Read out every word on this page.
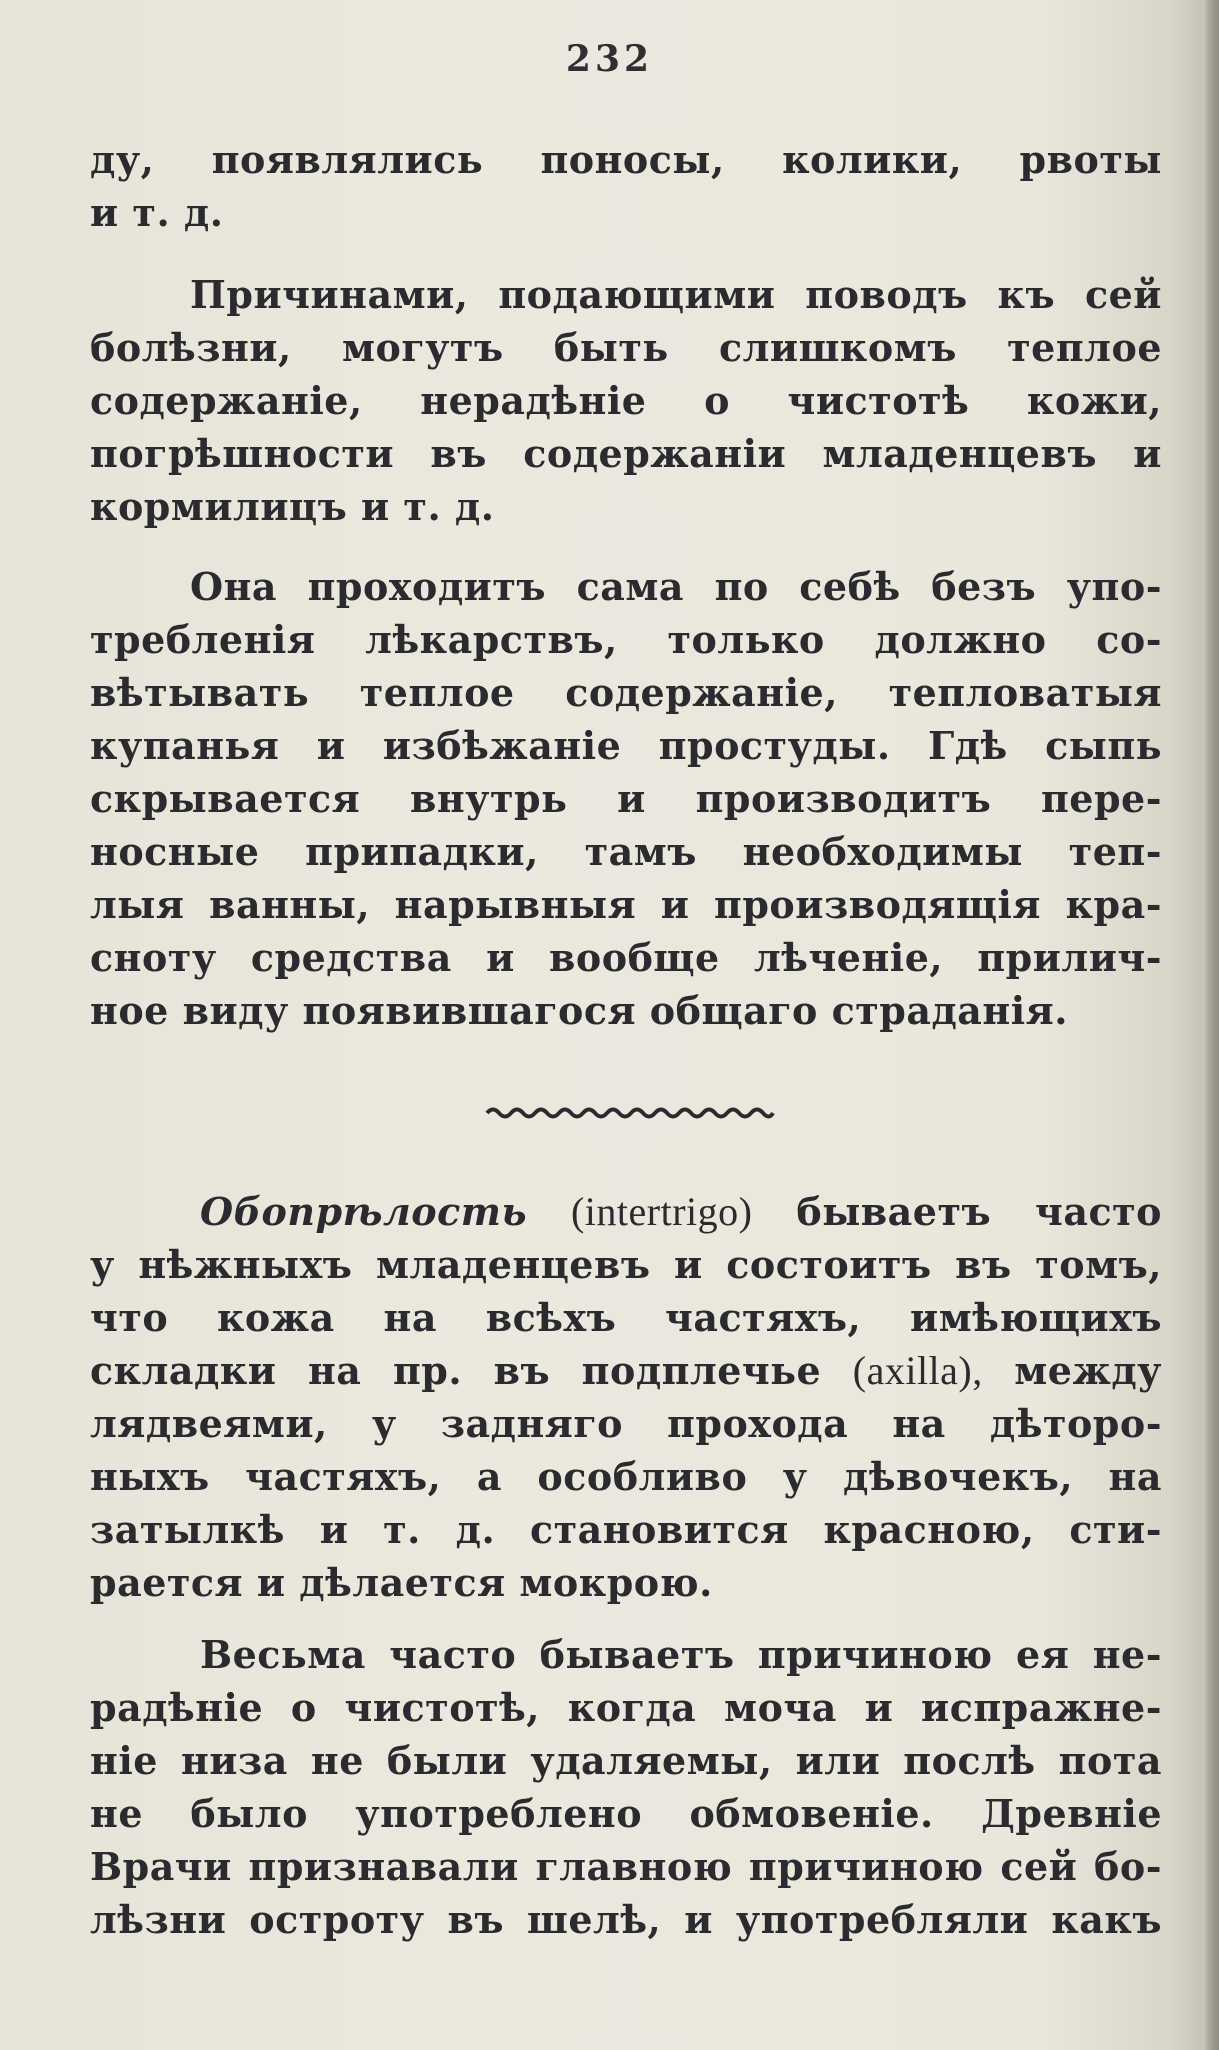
232
ду, появлялись поносы, колики, рвоты
и т. д.
Причинами, подающими поводъ къ сей
болѣзни, могутъ быть слишкомъ теплое
содержаніе, нерадѣніе о чистотѣ кожи,
погрѣшности въ содержаніи младенцевъ и
кормилицъ и т. д.
Она проходитъ сама по себѣ безъ упо-
требленія лѣкарствъ, только должно со-
вѣтывать теплое содержаніе, тепловатыя
купанья и избѣжаніе простуды. Гдѣ сыпь
скрывается внутрь и производитъ пере-
носные припадки, тамъ необходимы теп-
лыя ванны, нарывныя и производящія кра-
сноту средства и вообще лѣченіе, прилич-
ное виду появившагося общаго страданія.
Обопрѣлость (intertrigo) бываетъ часто
у нѣжныхъ младенцевъ и состоитъ въ томъ,
что кожа на всѣхъ частяхъ, имѣющихъ
складки на пр. въ подплечье (axilla), между
лядвеями, у задняго прохода на дѣторо-
ныхъ частяхъ, а особливо у дѣвочекъ, на
затылкѣ и т. д. становится красною, сти-
рается и дѣлается мокрою.
Весьма часто бываетъ причиною ея не-
радѣніе о чистотѣ, когда моча и испражне-
ніе низа не были удаляемы, или послѣ пота
не было употреблено обмовеніе. Древніе
Врачи признавали главною причиною сей бо-
лѣзни остроту въ шелѣ, и употребляли какъ
